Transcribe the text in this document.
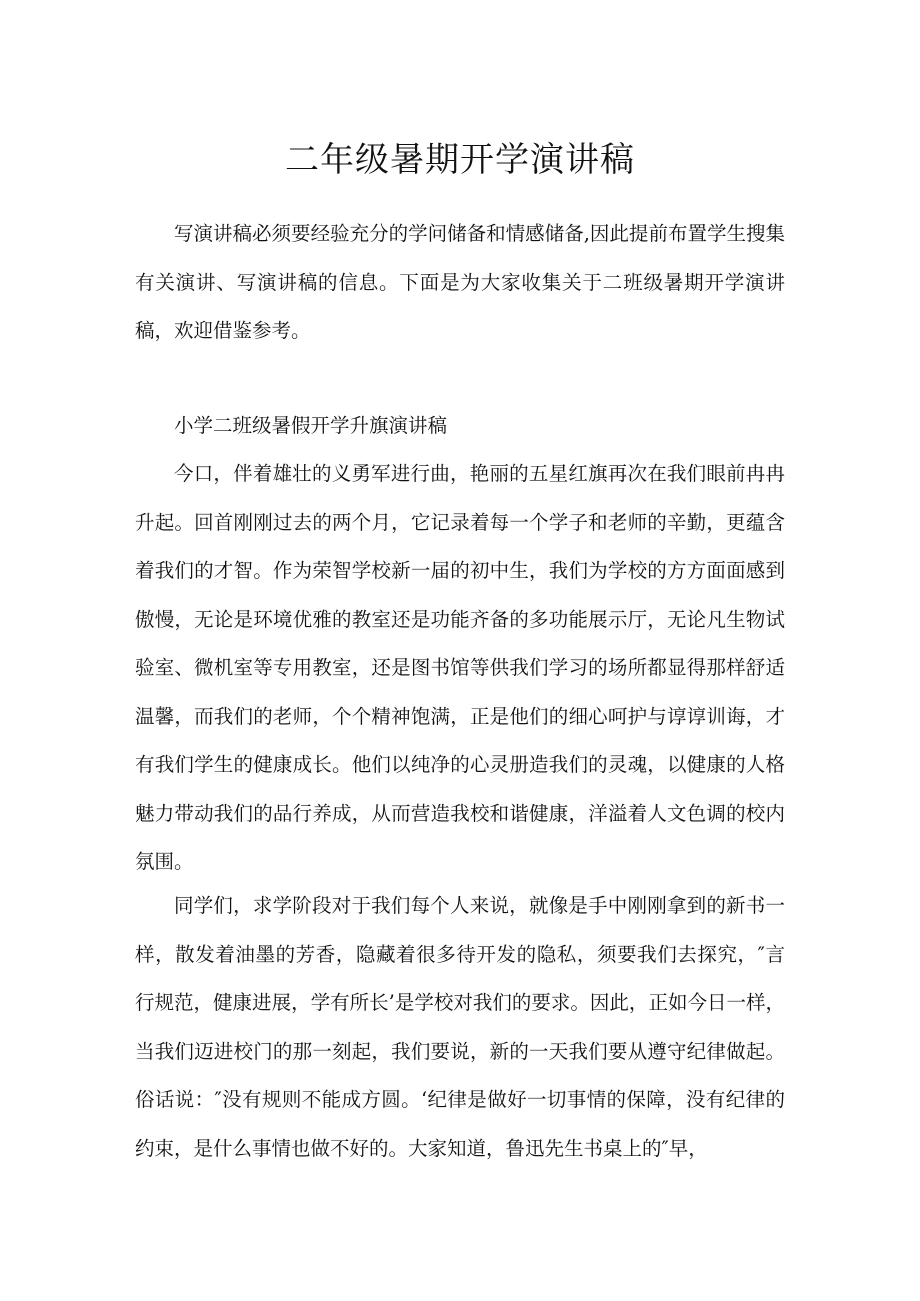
二年级暑期开学演讲稿

写演讲稿必须要经验充分的学问储备和情感储备,因此提前布置学生搜集有关演讲、写演讲稿的信息。下面是为大家收集关于二班级暑期开学演讲稿，欢迎借鉴参考。

小学二班级暑假开学升旗演讲稿

今口，伴着雄壮的义勇军进行曲，艳丽的五星红旗再次在我们眼前冉冉升起。回首刚刚过去的两个月，它记录着每一个学子和老师的辛勤，更蕴含着我们的才智。作为荣智学校新一届的初中生，我们为学校的方方面面感到傲慢，无论是环境优雅的教室还是功能齐备的多功能展示厅，无论凡生物试验室、微机室等专用教室，还是图书馆等供我们学习的场所都显得那样舒适温馨，而我们的老师，个个精神饱满，正是他们的细心呵护与谆谆训诲，才有我们学生的健康成长。他们以纯净的心灵册造我们的灵魂，以健康的人格魅力带动我们的品行养成，从而营造我校和谐健康，洋溢着人文色调的校内氛围。

同学们，求学阶段对于我们每个人来说，就像是手中刚刚拿到的新书一样，散发着油墨的芳香，隐藏着很多待开发的隐私，须要我们去探究，″言行规范，健康进展，学有所长’是学校对我们的要求。因此，正如今日一样，当我们迈进校门的那一刻起，我们要说，新的一天我们要从遵守纪律做起。俗话说：″没有规则不能成方圆。‘纪律是做好一切事情的保障，没有纪律的约束，是什么事情也做不好的。大家知道，鲁迅先生书桌上的″早，
